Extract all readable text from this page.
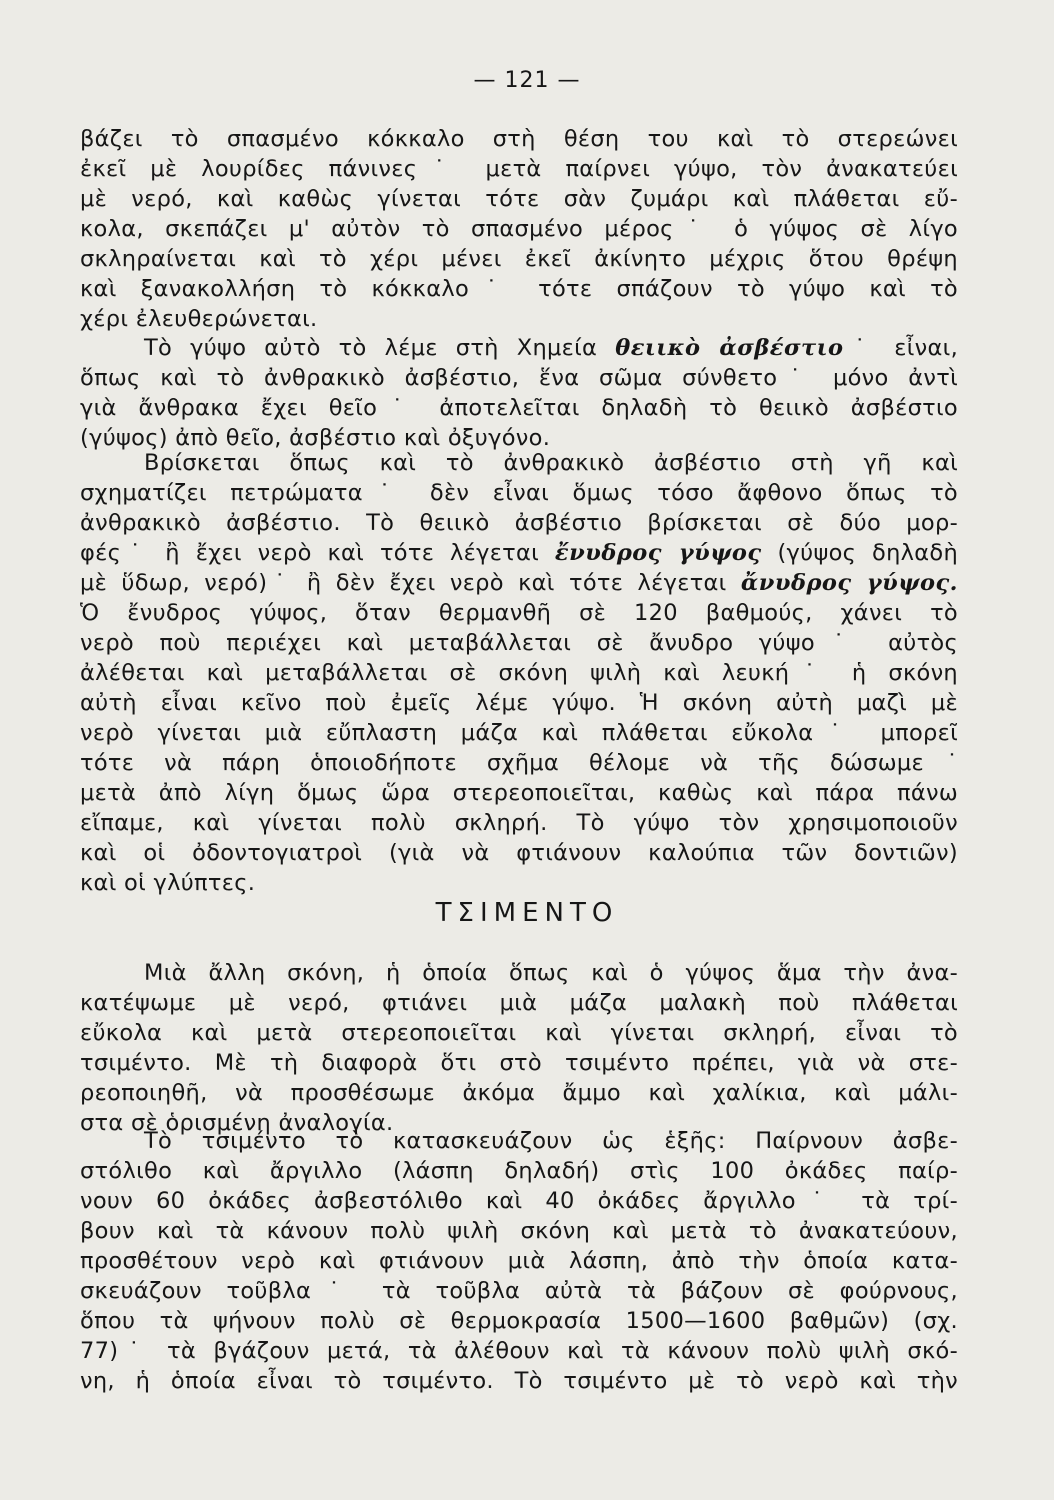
— 121 —
βάζει τὸ σπασμένο κόκκαλο στὴ θέση του καὶ τὸ στερεώνει
ἐκεῖ μὲ λουρίδες πάνινες˙ μετὰ παίρνει γύψο, τὸν ἀνακατεύει
μὲ νερό, καὶ καθὼς γίνεται τότε σὰν ζυμάρι καὶ πλάθεται εὔ-
κολα, σκεπάζει μ' αὐτὸν τὸ σπασμένο μέρος˙ ὁ γύψος σὲ λίγο
σκληραίνεται καὶ τὸ χέρι μένει ἐκεῖ ἀκίνητο μέχρις ὅτου θρέψη
καὶ ξανακολλήση τὸ κόκκαλο˙ τότε σπάζουν τὸ γύψο καὶ τὸ
χέρι ἐλευθερώνεται.
Τὸ γύψο αὐτὸ τὸ λέμε στὴ Χημεία θειικὸ ἀσβέστιο˙ εἶναι,
ὅπως καὶ τὸ ἀνθρακικὸ ἀσβέστιο, ἕνα σῶμα σύνθετο˙ μόνο ἀντὶ
γιὰ ἄνθρακα ἔχει θεῖο˙ ἀποτελεῖται δηλαδὴ τὸ θειικὸ ἀσβέστιο
(γύψος) ἀπὸ θεῖο, ἀσβέστιο καὶ ὀξυγόνο.
Βρίσκεται ὅπως καὶ τὸ ἀνθρακικὸ ἀσβέστιο στὴ γῆ καὶ
σχηματίζει πετρώματα˙ δὲν εἶναι ὅμως τόσο ἄφθονο ὅπως τὸ
ἀνθρακικὸ ἀσβέστιο. Τὸ θειικὸ ἀσβέστιο βρίσκεται σὲ δύο μορ-
φές˙ ἢ ἔχει νερὸ καὶ τότε λέγεται ἔνυδρος γύψος (γύψος δηλαδὴ
μὲ ὕδωρ, νερό)˙ ἢ δὲν ἔχει νερὸ καὶ τότε λέγεται ἄνυδρος γύψος.
Ὁ ἔνυδρος γύψος, ὅταν θερμανθῆ σὲ 120 βαθμούς, χάνει τὸ
νερὸ ποὺ περιέχει καὶ μεταβάλλεται σὲ ἄνυδρο γύψο˙ αὐτὸς
ἀλέθεται καὶ μεταβάλλεται σὲ σκόνη ψιλὴ καὶ λευκή˙ ἡ σκόνη
αὐτὴ εἶναι κεῖνο ποὺ ἐμεῖς λέμε γύψο. Ἡ σκόνη αὐτὴ μαζὶ μὲ
νερὸ γίνεται μιὰ εὔπλαστη μάζα καὶ πλάθεται εὔκολα˙ μπορεῖ
τότε νὰ πάρη ὁποιοδήποτε σχῆμα θέλομε νὰ τῆς δώσωμε˙
μετὰ ἀπὸ λίγη ὅμως ὥρα στερεοποιεῖται, καθὼς καὶ πάρα πάνω
εἴπαμε, καὶ γίνεται πολὺ σκληρή. Τὸ γύψο τὸν χρησιμοποιοῦν
καὶ οἱ ὀδοντογιατροὶ (γιὰ νὰ φτιάνουν καλούπια τῶν δοντιῶν)
καὶ οἱ γλύπτες.
ΤΣΙΜΕΝΤΟ
Μιὰ ἄλλη σκόνη, ἡ ὁποία ὅπως καὶ ὁ γύψος ἅμα τὴν ἀνα-
κατέψωμε μὲ νερό, φτιάνει μιὰ μάζα μαλακὴ ποὺ πλάθεται
εὔκολα καὶ μετὰ στερεοποιεῖται καὶ γίνεται σκληρή, εἶναι τὸ
τσιμέντο. Μὲ τὴ διαφορὰ ὅτι στὸ τσιμέντο πρέπει, γιὰ νὰ στε-
ρεοποιηθῆ, νὰ προσθέσωμε ἀκόμα ἄμμο καὶ χαλίκια, καὶ μάλι-
στα σὲ ὁρισμένη ἀναλογία.
Τὸ τσιμέντο τὸ κατασκευάζουν ὡς ἑξῆς: Παίρνουν ἀσβε-
στόλιθο καὶ ἄργιλλο (λάσπη δηλαδή) στὶς 100 ὀκάδες παίρ-
νουν 60 ὀκάδες ἀσβεστόλιθο καὶ 40 ὀκάδες ἄργιλλο˙ τὰ τρί-
βουν καὶ τὰ κάνουν πολὺ ψιλὴ σκόνη καὶ μετὰ τὸ ἀνακατεύουν,
προσθέτουν νερὸ καὶ φτιάνουν μιὰ λάσπη, ἀπὸ τὴν ὁποία κατα-
σκευάζουν τοῦβλα˙ τὰ τοῦβλα αὐτὰ τὰ βάζουν σὲ φούρνους,
ὅπου τὰ ψήνουν πολὺ σὲ θερμοκρασία 1500—1600 βαθμῶν) (σχ.
77)˙ τὰ βγάζουν μετά, τὰ ἀλέθουν καὶ τὰ κάνουν πολὺ ψιλὴ σκό-
νη, ἡ ὁποία εἶναι τὸ τσιμέντο. Τὸ τσιμέντο μὲ τὸ νερὸ καὶ τὴν
